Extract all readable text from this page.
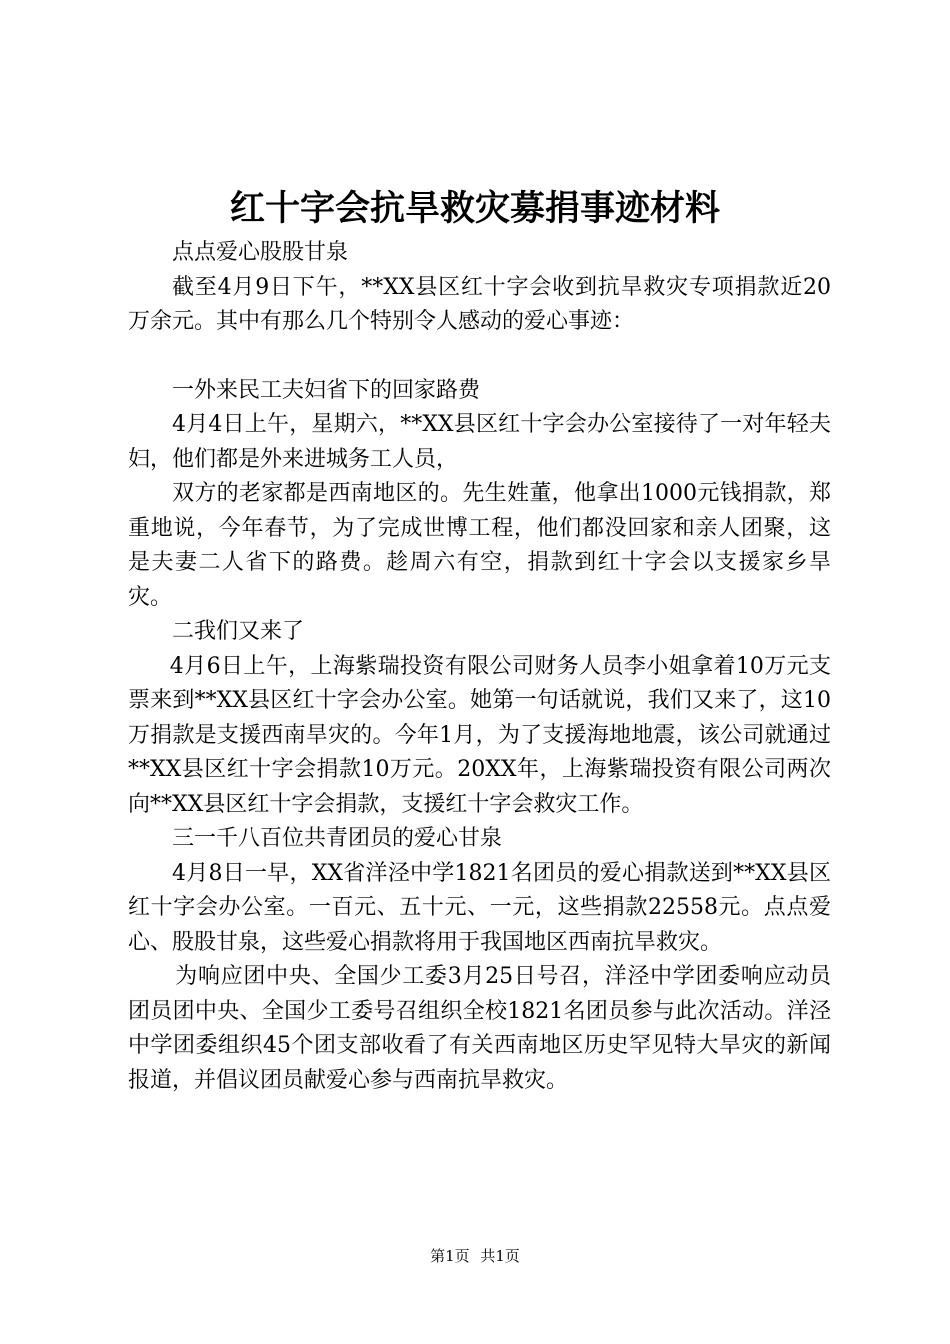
红十字会抗旱救灾募捐事迹材料

点点爱心股股甘泉

截至4月9日下午，**XX县区红十字会收到抗旱救灾专项捐款近20万余元。其中有那么几个特别令人感动的爱心事迹：

一外来民工夫妇省下的回家路费

4月4日上午，星期六，**XX县区红十字会办公室接待了一对年轻夫妇，他们都是外来进城务工人员，

双方的老家都是西南地区的。先生姓董，他拿出1000元钱捐款，郑重地说，今年春节，为了完成世博工程，他们都没回家和亲人团聚，这是夫妻二人省下的路费。趁周六有空，捐款到红十字会以支援家乡旱灾。

二我们又来了

4月6日上午，上海紫瑞投资有限公司财务人员李小姐拿着10万元支票来到**XX县区红十字会办公室。她第一句话就说，我们又来了，这10万捐款是支援西南旱灾的。今年1月，为了支援海地地震，该公司就通过**XX县区红十字会捐款10万元。20XX年，上海紫瑞投资有限公司两次向**XX县区红十字会捐款，支援红十字会救灾工作。

三一千八百位共青团员的爱心甘泉

4月8日一早，XX省洋泾中学1821名团员的爱心捐款送到**XX县区红十字会办公室。一百元、五十元、一元，这些捐款22558元。点点爱心、股股甘泉，这些爱心捐款将用于我国地区西南抗旱救灾。

为响应团中央、全国少工委3月25日号召，洋泾中学团委响应动员团员团中央、全国少工委号召组织全校1821名团员参与此次活动。洋泾中学团委组织45个团支部收看了有关西南地区历史罕见特大旱灾的新闻报道，并倡议团员献爱心参与西南抗旱救灾。

第1页 共1页
